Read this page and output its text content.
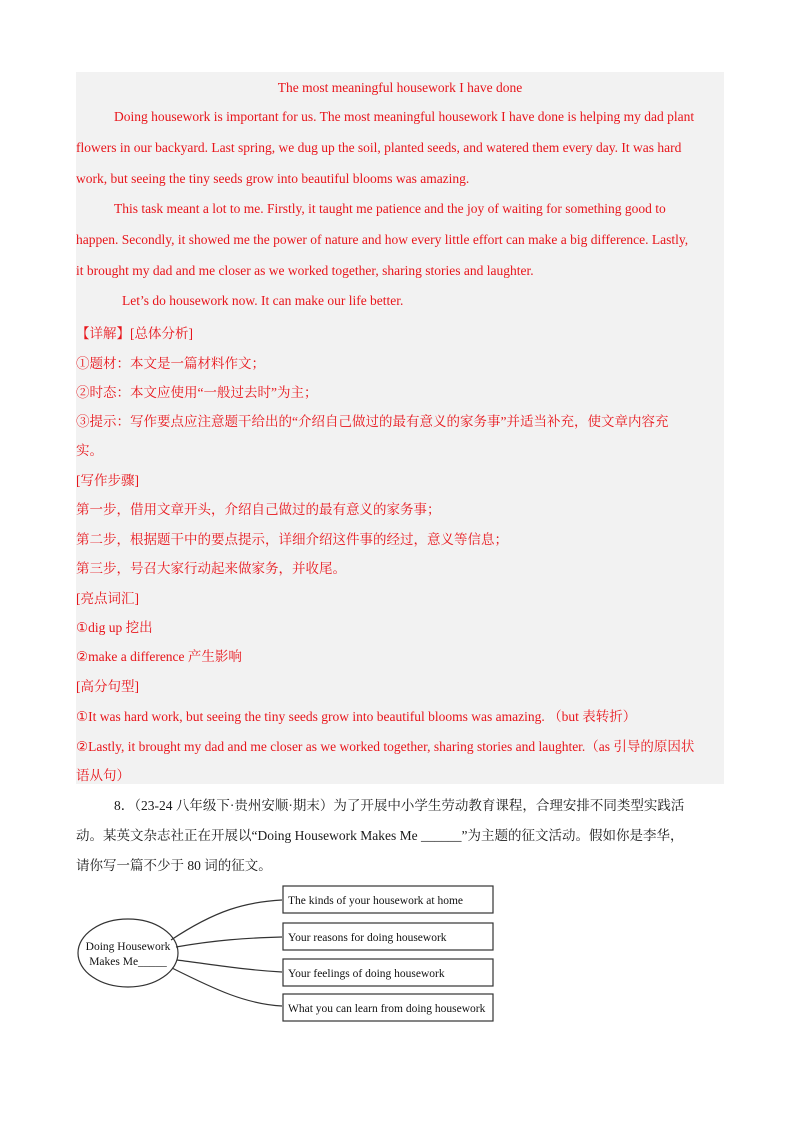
The most meaningful housework I have done
Doing housework is important for us. The most meaningful housework I have done is helping my dad plant
flowers in our backyard. Last spring, we dug up the soil, planted seeds, and watered them every day. It was hard
work, but seeing the tiny seeds grow into beautiful blooms was amazing.
This task meant a lot to me. Firstly, it taught me patience and the joy of waiting for something good to
happen. Secondly, it showed me the power of nature and how every little effort can make a big difference. Lastly,
it brought my dad and me closer as we worked together, sharing stories and laughter.
Let’s do housework now. It can make our life better.
【详解】[总体分析]
①题材：本文是一篇材料作文；
②时态：本文应使用“一般过去时”为主；
③提示：写作要点应注意题干给出的“介绍自己做过的最有意义的家务事”并适当补充，使文章内容充
实。
[写作步骤]
第一步，借用文章开头，介绍自己做过的最有意义的家务事；
第二步，根据题干中的要点提示，详细介绍这件事的经过，意义等信息；
第三步，号召大家行动起来做家务，并收尾。
[亮点词汇]
①dig up 挖出
②make a difference 产生影响
[高分句型]
①It was hard work, but seeing the tiny seeds grow into beautiful blooms was amazing. （but 表转折）
②Lastly, it brought my dad and me closer as we worked together, sharing stories and laughter.（as 引导的原因状
语从句）
8．（23-24 八年级下·贵州安顺·期末）为了开展中小学生劳动教育课程，合理安排不同类型实践活
动。某英文杂志社正在开展以“Doing Housework Makes Me ______”为主题的征文活动。假如你是李华，
请你写一篇不少于 80 词的征文。
Doing Housework
Makes Me_____
The kinds of your housework at home
Your reasons for doing housework
Your feelings of doing housework
What you can learn from doing housework
